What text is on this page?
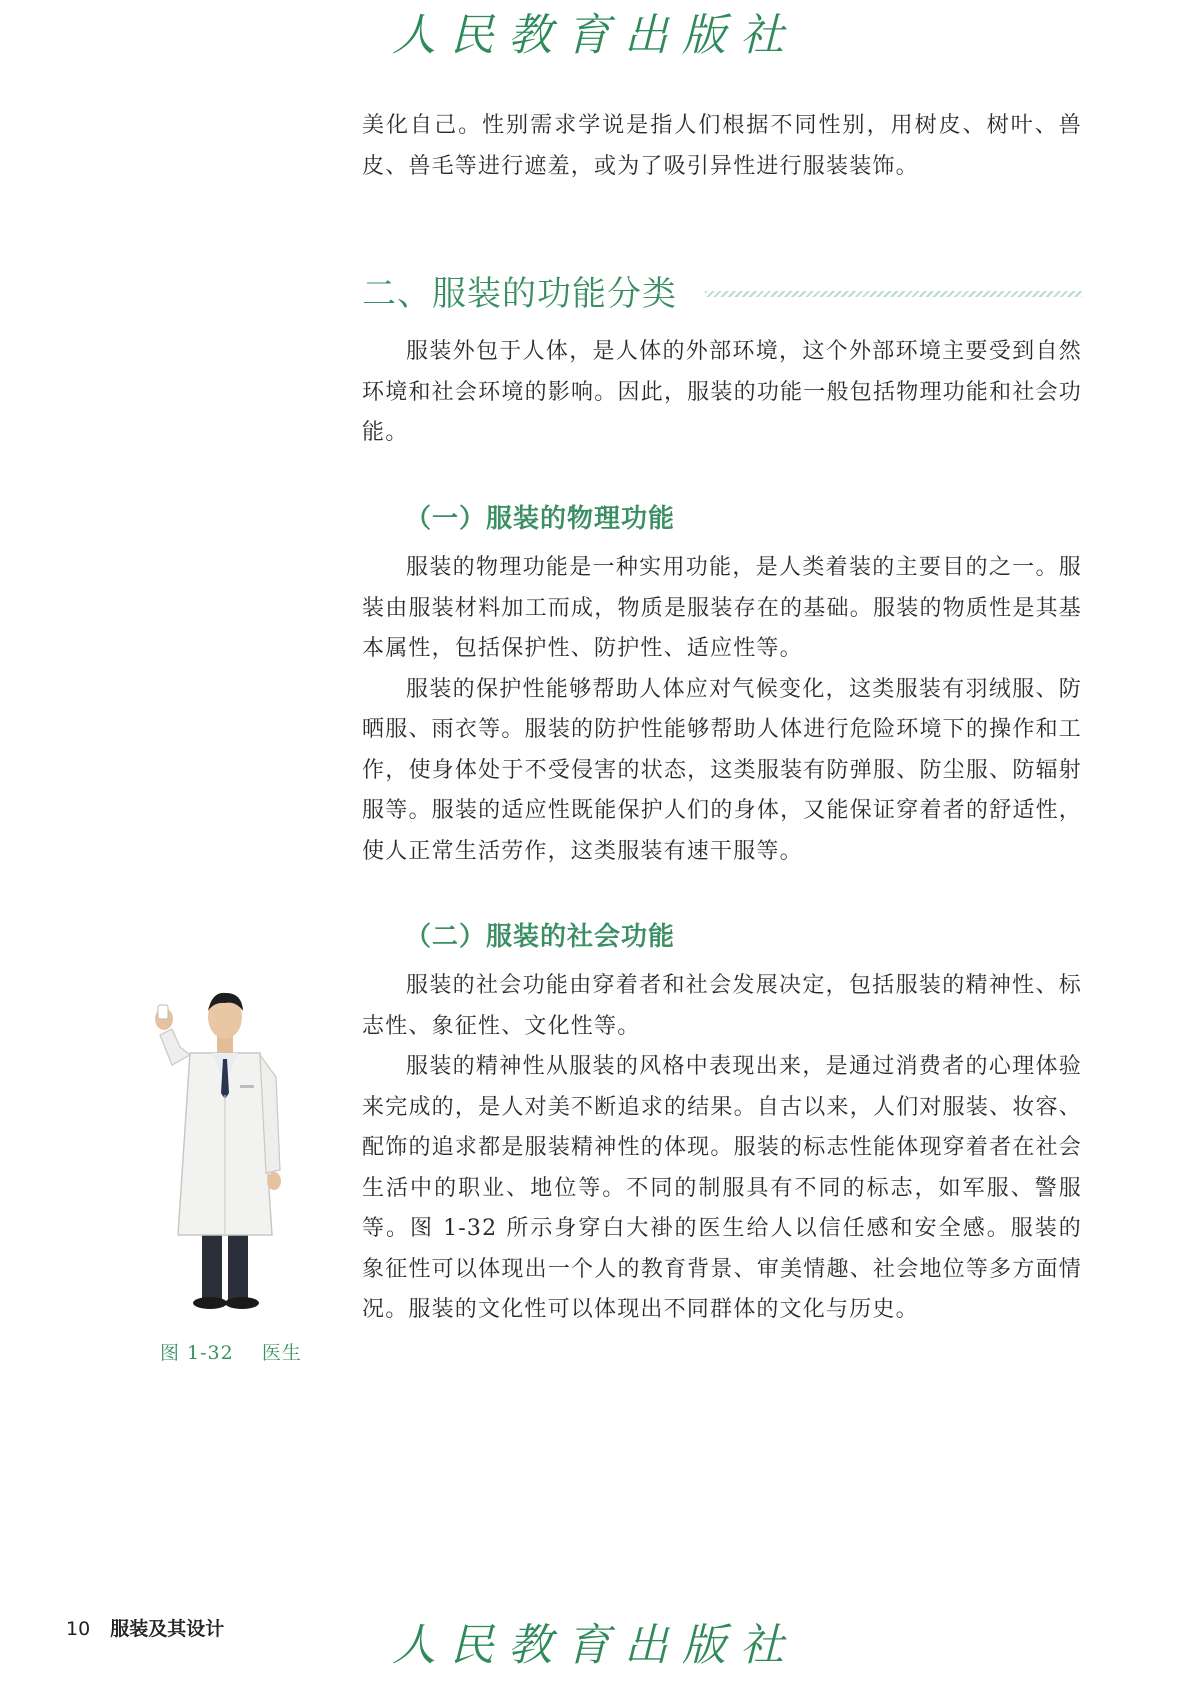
人民教育出版社

美化自己。性别需求学说是指人们根据不同性别，用树皮、树叶、兽皮、兽毛等进行遮羞，或为了吸引异性进行服装装饰。

二、服装的功能分类

服装外包于人体，是人体的外部环境，这个外部环境主要受到自然环境和社会环境的影响。因此，服装的功能一般包括物理功能和社会功能。

（一）服装的物理功能

服装的物理功能是一种实用功能，是人类着装的主要目的之一。服装由服装材料加工而成，物质是服装存在的基础。服装的物质性是其基本属性，包括保护性、防护性、适应性等。

服装的保护性能够帮助人体应对气候变化，这类服装有羽绒服、防晒服、雨衣等。服装的防护性能够帮助人体进行危险环境下的操作和工作，使身体处于不受侵害的状态，这类服装有防弹服、防尘服、防辐射服等。服装的适应性既能保护人们的身体，又能保证穿着者的舒适性，使人正常生活劳作，这类服装有速干服等。

（二）服装的社会功能

服装的社会功能由穿着者和社会发展决定，包括服装的精神性、标志性、象征性、文化性等。

服装的精神性从服装的风格中表现出来，是通过消费者的心理体验来完成的，是人对美不断追求的结果。自古以来，人们对服装、妆容、配饰的追求都是服装精神性的体现。服装的标志性能体现穿着者在社会生活中的职业、地位等。不同的制服具有不同的标志，如军服、警服等。图 1-32 所示身穿白大褂的医生给人以信任感和安全感。服装的象征性可以体现出一个人的教育背景、审美情趣、社会地位等多方面情况。服装的文化性可以体现出不同群体的文化与历史。

图 1-32    医生
10 服装及其设计	人民教育出版社
